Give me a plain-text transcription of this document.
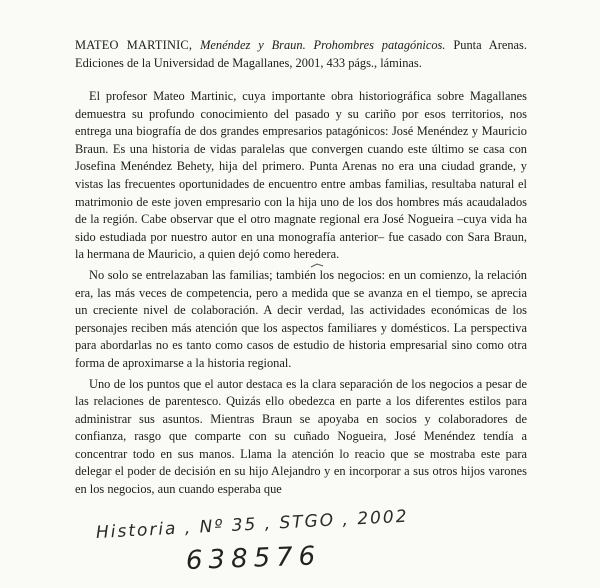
MATEO MARTINIC, Menéndez y Braun. Prohombres patagónicos. Punta Arenas. Ediciones de la Universidad de Magallanes, 2001, 433 págs., láminas.

El profesor Mateo Martinic, cuya importante obra historiográfica sobre Magallanes demuestra su profundo conocimiento del pasado y su cariño por esos territorios, nos entrega una biografía de dos grandes empresarios patagónicos: José Menéndez y Mauricio Braun. Es una historia de vidas paralelas que convergen cuando este último se casa con Josefina Menéndez Behety, hija del primero. Punta Arenas no era una ciudad grande, y vistas las frecuentes oportunidades de encuentro entre ambas familias, resultaba natural el matrimonio de este joven empresario con la hija uno de los dos hombres más acaudalados de la región. Cabe observar que el otro magnate regional era José Nogueira –cuya vida ha sido estudiada por nuestro autor en una monografía anterior– fue casado con Sara Braun, la hermana de Mauricio, a quien dejó como heredera.

No solo se entrelazaban las familias; también los negocios: en un comienzo, la relación era, las más veces de competencia, pero a medida que se avanza en el tiempo, se aprecia un creciente nivel de colaboración. A decir verdad, las actividades económicas de los personajes reciben más atención que los aspectos familiares y domésticos. La perspectiva para abordarlas no es tanto como casos de estudio de historia empresarial sino como otra forma de aproximarse a la historia regional.

Uno de los puntos que el autor destaca es la clara separación de los negocios a pesar de las relaciones de parentesco. Quizás ello obedezca en parte a los diferentes estilos para administrar sus asuntos. Mientras Braun se apoyaba en socios y colaboradores de confianza, rasgo que comparte con su cuñado Nogueira, José Menéndez tendía a concentrar todo en sus manos. Llama la atención lo reacio que se mostraba este para delegar el poder de decisión en su hijo Alejandro y en incorporar a sus otros hijos varones en los negocios, aun cuando esperaba que

Historia , Nº 35 , STGO , 2002
638576
